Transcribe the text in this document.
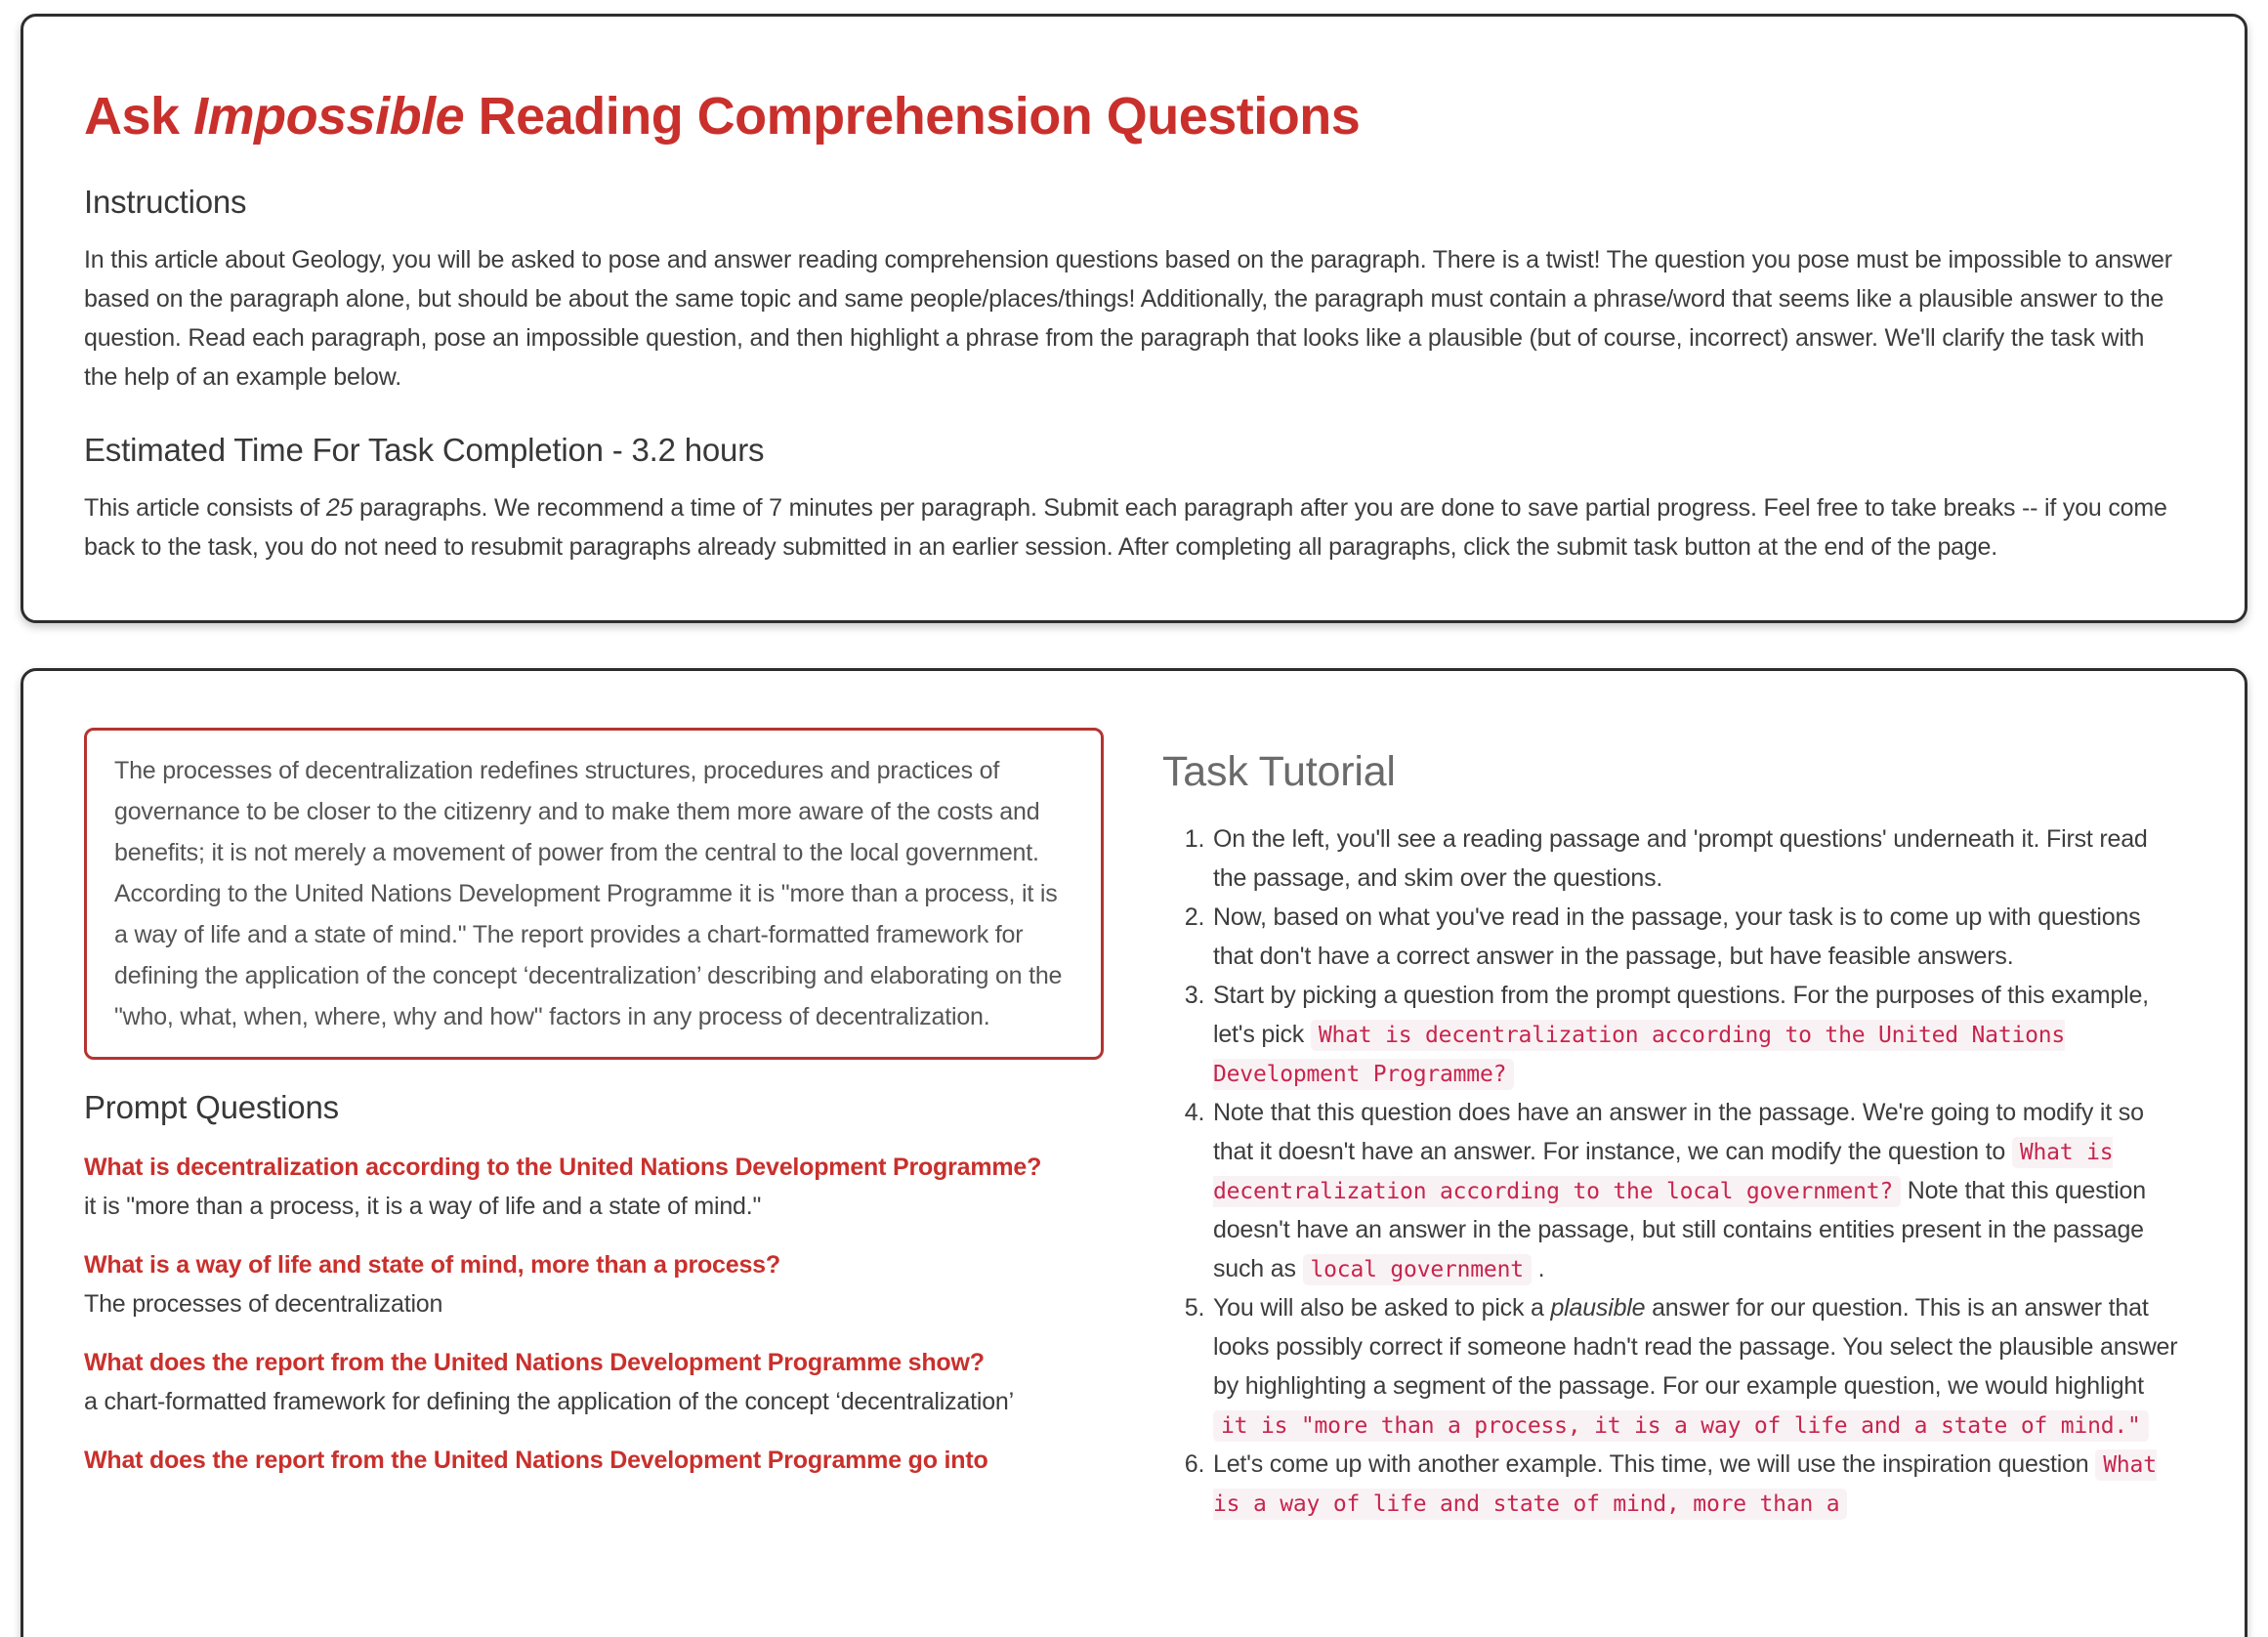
Ask Impossible Reading Comprehension Questions
Instructions

In this article about Geology, you will be asked to pose and answer reading comprehension questions based on the paragraph. There is a twist! The question you pose must be impossible to answer based on the paragraph alone, but should be about the same topic and same people/places/things! Additionally, the paragraph must contain a phrase/word that seems like a plausible answer to the question. Read each paragraph, pose an impossible question, and then highlight a phrase from the paragraph that looks like a plausible (but of course, incorrect) answer. We'll clarify the task with the help of an example below.

Estimated Time For Task Completion - 3.2 hours

This article consists of 25 paragraphs. We recommend a time of 7 minutes per paragraph. Submit each paragraph after you are done to save partial progress. Feel free to take breaks -- if you come back to the task, you do not need to resubmit paragraphs already submitted in an earlier session. After completing all paragraphs, click the submit task button at the end of the page.

The processes of decentralization redefines structures, procedures and practices of governance to be closer to the citizenry and to make them more aware of the costs and benefits; it is not merely a movement of power from the central to the local government. According to the United Nations Development Programme it is "more than a process, it is a way of life and a state of mind." The report provides a chart-formatted framework for defining the application of the concept ‘decentralization’ describing and elaborating on the "who, what, when, where, why and how" factors in any process of decentralization.

Prompt Questions
What is decentralization according to the United Nations Development Programme?
it is "more than a process, it is a way of life and a state of mind."
What is a way of life and state of mind, more than a process?
The processes of decentralization
What does the report from the United Nations Development Programme show?
a chart-formatted framework for defining the application of the concept ‘decentralization’
What does the report from the United Nations Development Programme go into
Task Tutorial
1. On the left, you'll see a reading passage and 'prompt questions' underneath it. First read the passage, and skim over the questions.
2. Now, based on what you've read in the passage, your task is to come up with questions that don't have a correct answer in the passage, but have feasible answers.
3. Start by picking a question from the prompt questions. For the purposes of this example, let's pick What is decentralization according to the United Nations Development Programme?
4. Note that this question does have an answer in the passage. We're going to modify it so that it doesn't have an answer. For instance, we can modify the question to What is decentralization according to the local government? Note that this question doesn't have an answer in the passage, but still contains entities present in the passage such as local government .
5. You will also be asked to pick a plausible answer for our question. This is an answer that looks possibly correct if someone hadn't read the passage. You select the plausible answer by highlighting a segment of the passage. For our example question, we would highlight it is "more than a process, it is a way of life and a state of mind."
6. Let's come up with another example. This time, we will use the inspiration question What is a way of life and state of mind, more than a
